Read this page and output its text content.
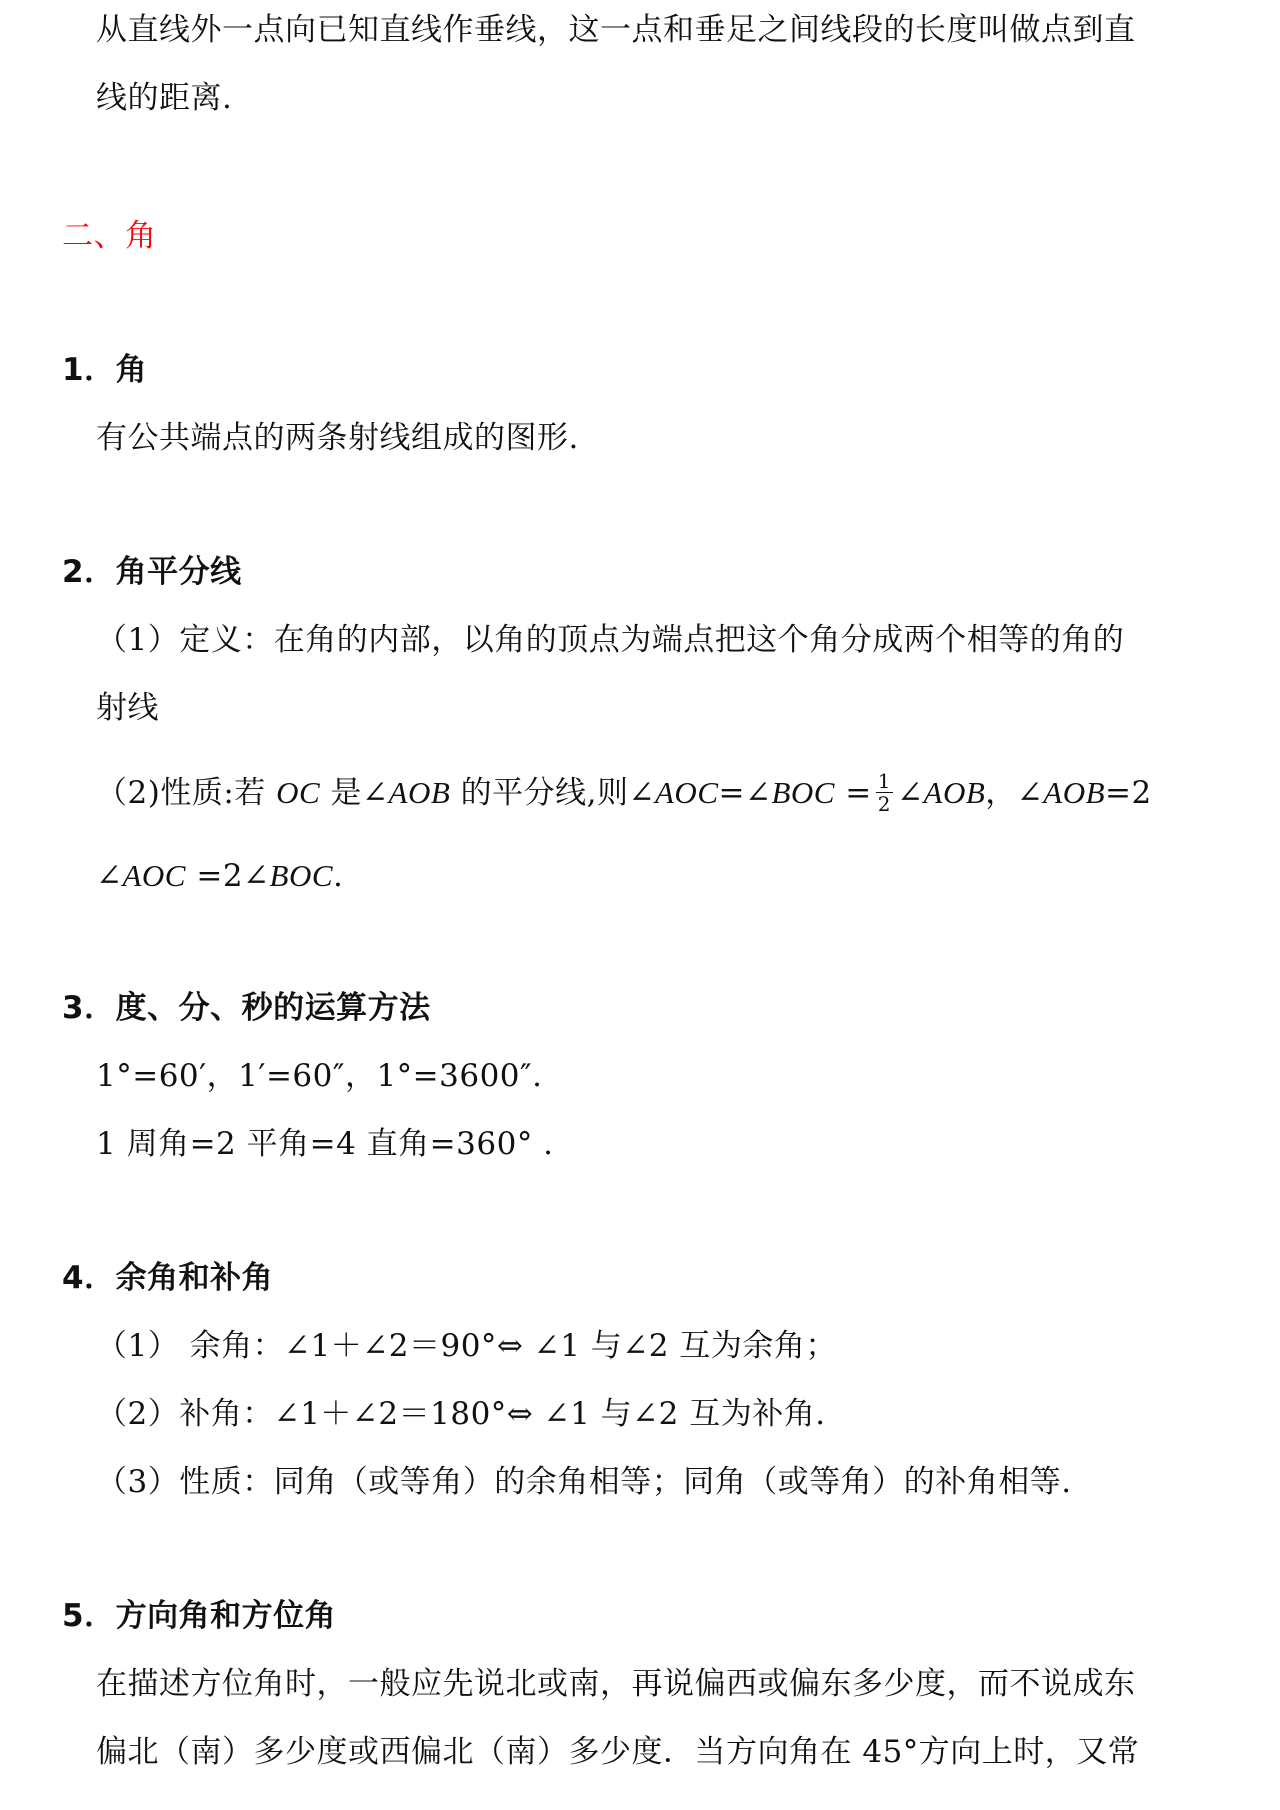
从直线外一点向已知直线作垂线，这一点和垂足之间线段的长度叫做点到直
线的距离.
二、角
1．角
有公共端点的两条射线组成的图形.
2．角平分线
（1）定义：在角的内部，以角的顶点为端点把这个角分成两个相等的角的
射线
（2)性质:若 OC 是∠AOB 的平分线,则∠AOC=∠BOC = $\frac{1}{2}$ ∠AOB，∠AOB=2
∠AOC =2∠BOC.
3．度、分、秒的运算方法
1°=60′，1′=60″，1°=3600″.
1 周角=2 平角=4 直角=360° .
4．余角和补角
（1） 余角：∠1＋∠2＝90°⇔ ∠1 与∠2 互为余角；
（2）补角：∠1＋∠2＝180°⇔ ∠1 与∠2 互为补角.
（3）性质：同角（或等角）的余角相等；同角（或等角）的补角相等.
5．方向角和方位角
在描述方位角时，一般应先说北或南，再说偏西或偏东多少度，而不说成东
偏北（南）多少度或西偏北（南）多少度．当方向角在 45°方向上时，又常
